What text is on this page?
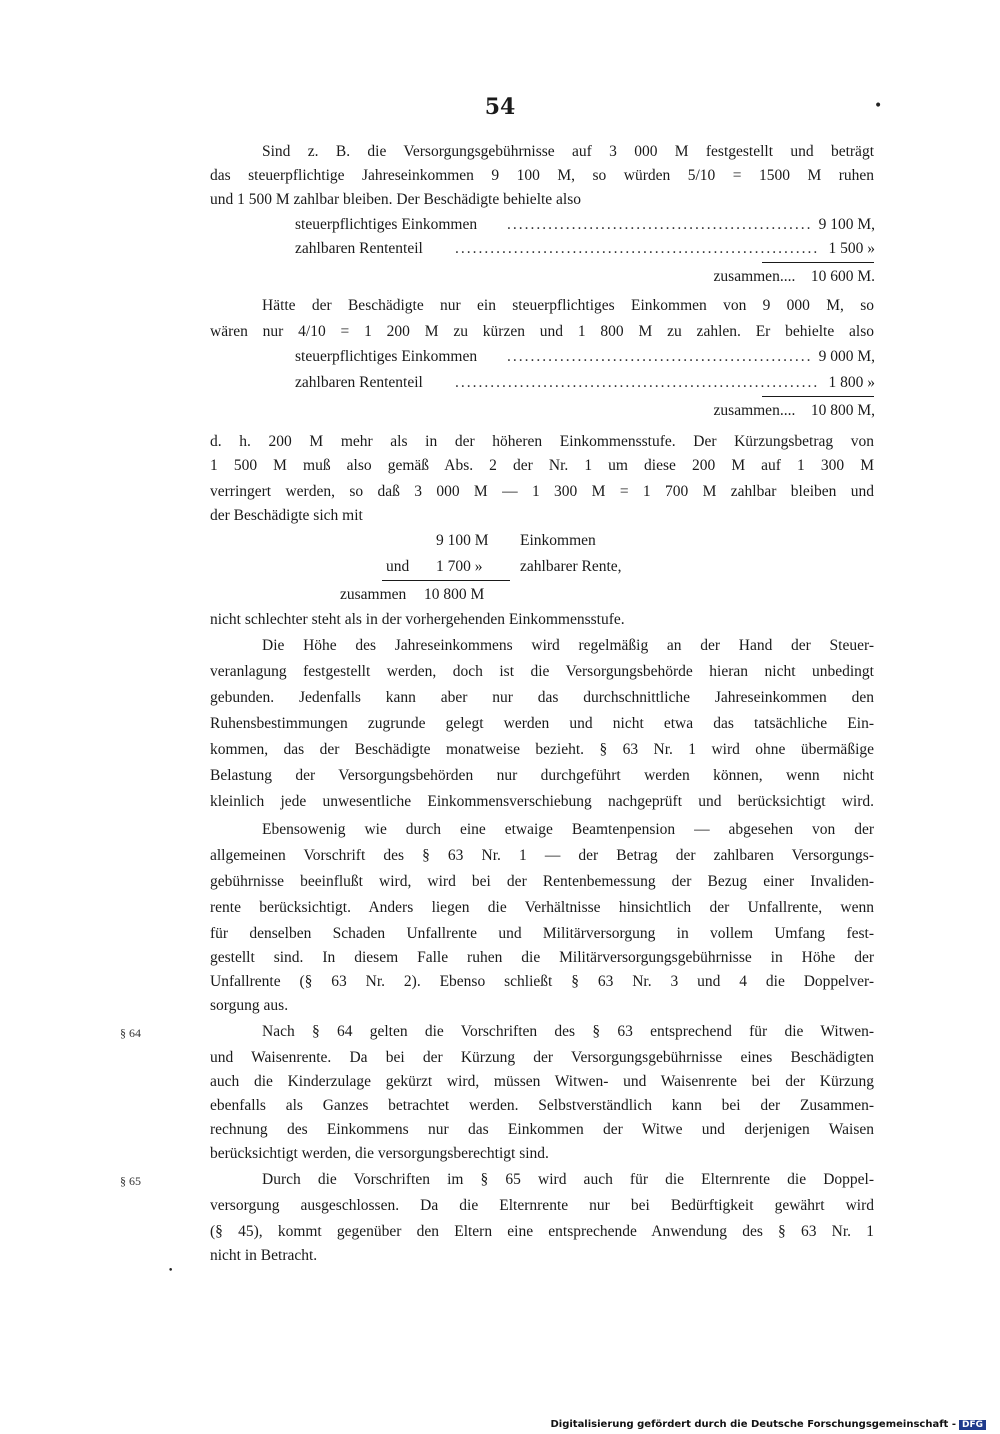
54	•
•
Sind z. B. die Versorgungsgebührnisse auf 3 000 M festgestellt und beträgt
das steuerpflichtige Jahreseinkommen 9 100 M, so würden 5/10 = 1500 M ruhen
und 1 500 M zahlbar bleiben. Der Beschädigte behielte also
steuerpflichtiges Einkommen .................................................... 9 100 M,
zahlbaren Rententeil .............................................................. 1 500 »
zusammen.... 10 600 M.
Hätte der Beschädigte nur ein steuerpflichtiges Einkommen von 9 000 M, so
wären nur 4/10 = 1 200 M zu kürzen und 1 800 M zu zahlen. Er behielte also
steuerpflichtiges Einkommen .................................................... 9 000 M,
zahlbaren Rententeil .............................................................. 1 800 »
zusammen.... 10 800 M,
d. h. 200 M mehr als in der höheren Einkommensstufe. Der Kürzungsbetrag von
1 500 M muß also gemäß Abs. 2 der Nr. 1 um diese 200 M auf 1 300 M
verringert werden, so daß 3 000 M — 1 300 M = 1 700 M zahlbar bleiben und
der Beschädigte sich mit
9 100 M Einkommen
und 1 700 » zahlbarer Rente,
zusammen 10 800 M
nicht schlechter steht als in der vorhergehenden Einkommensstufe.
Die Höhe des Jahreseinkommens wird regelmäßig an der Hand der Steuer-
veranlagung festgestellt werden, doch ist die Versorgungsbehörde hieran nicht unbedingt
gebunden. Jedenfalls kann aber nur das durchschnittliche Jahreseinkommen den
Ruhensbestimmungen zugrunde gelegt werden und nicht etwa das tatsächliche Ein-
kommen, das der Beschädigte monatweise bezieht. § 63 Nr. 1 wird ohne übermäßige
Belastung der Versorgungsbehörden nur durchgeführt werden können, wenn nicht
kleinlich jede unwesentliche Einkommensverschiebung nachgeprüft und berücksichtigt wird.
Ebensowenig wie durch eine etwaige Beamtenpension — abgesehen von der
allgemeinen Vorschrift des § 63 Nr. 1 — der Betrag der zahlbaren Versorgungs-
gebührnisse beeinflußt wird, wird bei der Rentenbemessung der Bezug einer Invaliden-
rente berücksichtigt. Anders liegen die Verhältnisse hinsichtlich der Unfallrente, wenn
für denselben Schaden Unfallrente und Militärversorgung in vollem Umfang fest-
gestellt sind. In diesem Falle ruhen die Militärversorgungsgebührnisse in Höhe der
Unfallrente (§ 63 Nr. 2). Ebenso schließt § 63 Nr. 3 und 4 die Doppelver-
sorgung aus.
§ 64	Nach § 64 gelten die Vorschriften des § 63 entsprechend für die Witwen-
und Waisenrente. Da bei der Kürzung der Versorgungsgebührnisse eines Beschädigten
auch die Kinderzulage gekürzt wird, müssen Witwen- und Waisenrente bei der Kürzung
ebenfalls als Ganzes betrachtet werden. Selbstverständlich kann bei der Zusammen-
rechnung des Einkommens nur das Einkommen der Witwe und derjenigen Waisen
berücksichtigt werden, die versorgungsberechtigt sind.
§ 65	Durch die Vorschriften im § 65 wird auch für die Elternrente die Doppel-
versorgung ausgeschlossen. Da die Elternrente nur bei Bedürftigkeit gewährt wird
(§ 45), kommt gegenüber den Eltern eine entsprechende Anwendung des § 63 Nr. 1
nicht in Betracht.
Digitalisierung gefördert durch die Deutsche Forschungsgemeinschaft - DFG
